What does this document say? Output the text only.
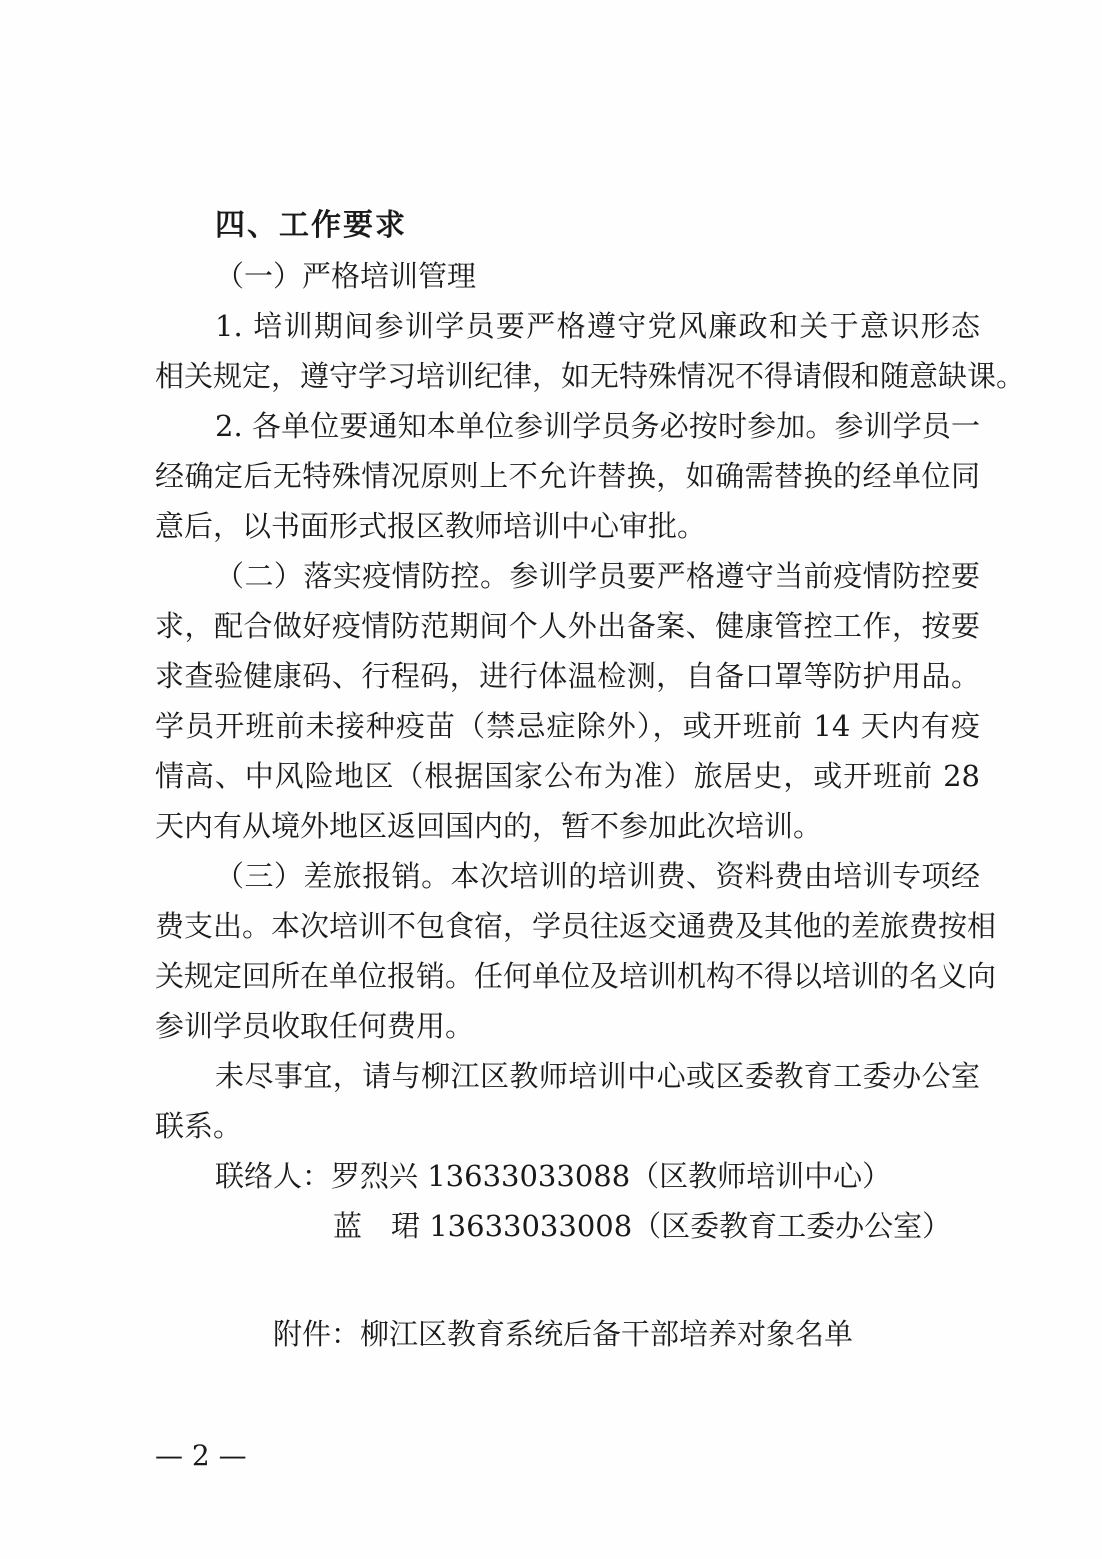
四、工作要求
（一）严格培训管理
1. 培训期间参训学员要严格遵守党风廉政和关于意识形态
相关规定，遵守学习培训纪律，如无特殊情况不得请假和随意缺课。
2. 各单位要通知本单位参训学员务必按时参加。参训学员一
经确定后无特殊情况原则上不允许替换，如确需替换的经单位同
意后，以书面形式报区教师培训中心审批。
（二）落实疫情防控。参训学员要严格遵守当前疫情防控要
求，配合做好疫情防范期间个人外出备案、健康管控工作，按要
求查验健康码、行程码，进行体温检测，自备口罩等防护用品。
学员开班前未接种疫苗（禁忌症除外），或开班前 14 天内有疫
情高、中风险地区（根据国家公布为准）旅居史，或开班前 28
天内有从境外地区返回国内的，暂不参加此次培训。
（三）差旅报销。本次培训的培训费、资料费由培训专项经
费支出。本次培训不包食宿，学员往返交通费及其他的差旅费按相
关规定回所在单位报销。任何单位及培训机构不得以培训的名义向
参训学员收取任何费用。
未尽事宜，请与柳江区教师培训中心或区委教育工委办公室
联系。
联络人：罗烈兴 13633033088（区教师培训中心）
蓝　珺 13633033008（区委教育工委办公室）
附件：柳江区教育系统后备干部培养对象名单
— 2 —
